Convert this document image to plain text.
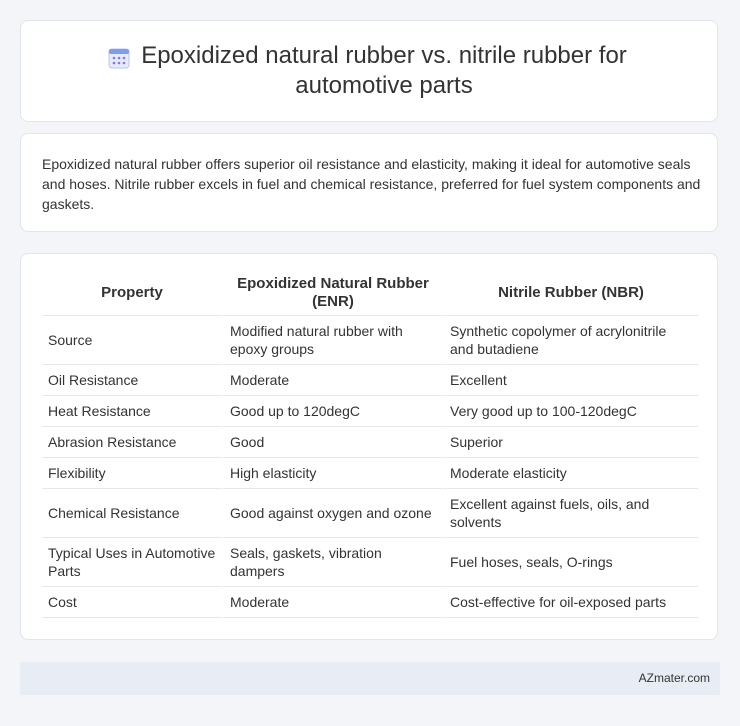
Epoxidized natural rubber vs. nitrile rubber for automotive parts

Epoxidized natural rubber offers superior oil resistance and elasticity, making it ideal for automotive seals and hoses. Nitrile rubber excels in fuel and chemical resistance, preferred for fuel system components and gaskets.

Property	Epoxidized Natural Rubber (ENR)	Nitrile Rubber (NBR)
Source	Modified natural rubber with epoxy groups	Synthetic copolymer of acrylonitrile and butadiene
Oil Resistance	Moderate	Excellent
Heat Resistance	Good up to 120degC	Very good up to 100-120degC
Abrasion Resistance	Good	Superior
Flexibility	High elasticity	Moderate elasticity
Chemical Resistance	Good against oxygen and ozone	Excellent against fuels, oils, and solvents
Typical Uses in Automotive Parts	Seals, gaskets, vibration dampers	Fuel hoses, seals, O-rings
Cost	Moderate	Cost-effective for oil-exposed parts
AZmater.com
